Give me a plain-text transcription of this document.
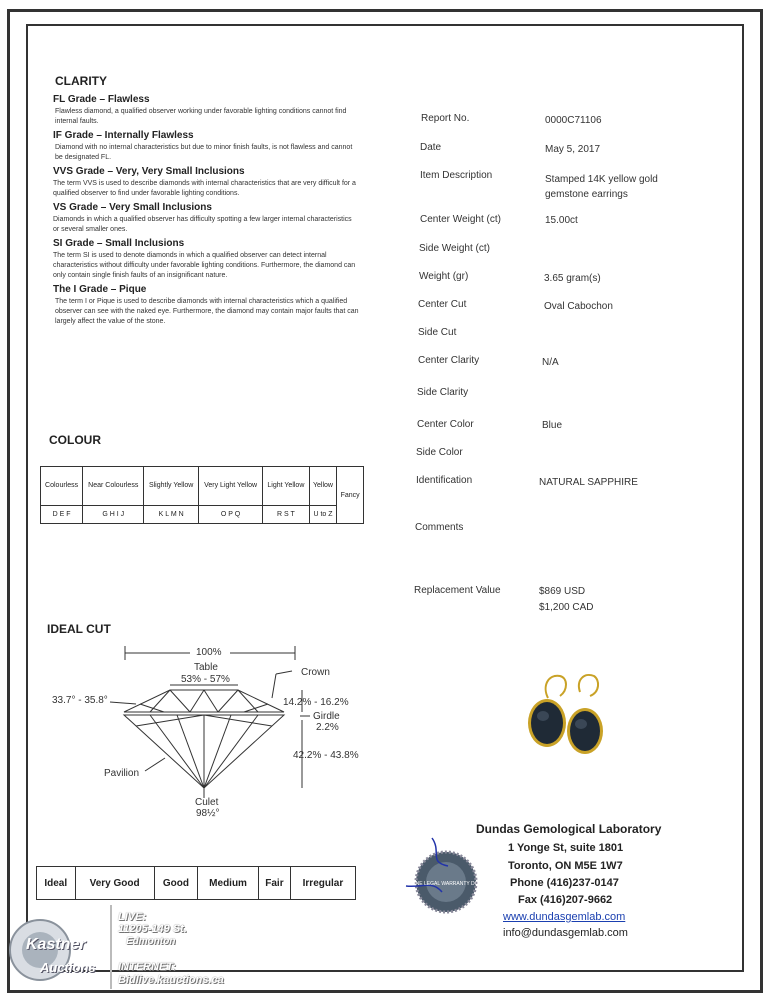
CLARITY
FL Grade – Flawless
Flawless diamond, a qualified observer working under favorable lighting conditions cannot find internal faults.
IF Grade – Internally Flawless
Diamond with no internal characteristics but due to minor finish faults, is not flawless and cannot be designated FL.
VVS Grade – Very, Very Small Inclusions
The term VVS is used to describe diamonds with internal characteristics that are very difficult for a qualified observer to find under favorable lighting conditions.
VS Grade – Very Small Inclusions
Diamonds in which a qualified observer has difficulty spotting a few larger internal characteristics or several smaller ones.
SI Grade – Small Inclusions
The term SI is used to denote diamonds in which a qualified observer can detect internal characteristics without difficulty under favorable lighting conditions. Furthermore, the diamond can only contain single finish faults of an insignificant nature.
The I Grade – Pique
The term I or Pique is used to describe diamonds with internal characteristics which a qualified observer can see with the naked eye. Furthermore, the diamond may contain major faults that can largely affect the value of the stone.
COLOUR
Colourless	Near Colourless	Slightly Yellow	Very Light Yellow	Light Yellow	Yellow	Fancy
D E F	G H I J	K L M N	O P Q	R S T	U to Z	
IDEAL CUT
100%
Table
53% - 57%
Crown
33.7° - 35.8°	14.2% - 16.2%
Girdle
2.2%
42.2% - 43.8%
Pavilion
Culet
98½°
Ideal	Very Good	Good	Medium	Fair	Irregular
Report No.	0000C71106
Date	May 5, 2017
Item Description	Stamped 14K yellow gold gemstone earrings
Center Weight (ct)	15.00ct
Side Weight (ct)
Weight (gr)	3.65 gram(s)
Center Cut	Oval Cabochon
Side Cut
Center Clarity	N/A
Side Clarity
Center Color	Blue
Side Color
Identification	NATURAL SAPPHIRE
Comments
Replacement Value	$869 USD
$1,200 CAD
GENUINE LEGAL WARRANTY DUNDAS
Dundas Gemological Laboratory
1 Yonge St, suite 1801
Toronto, ON M5E 1W7
Phone (416)237-0147
Fax (416)207-9662
www.dundasgemlab.com
info@dundasgemlab.com
Kastner
Auctions
LIVE:
11205-149 St.
Edmonton
INTERNET:
Bidlive.kauctions.ca
